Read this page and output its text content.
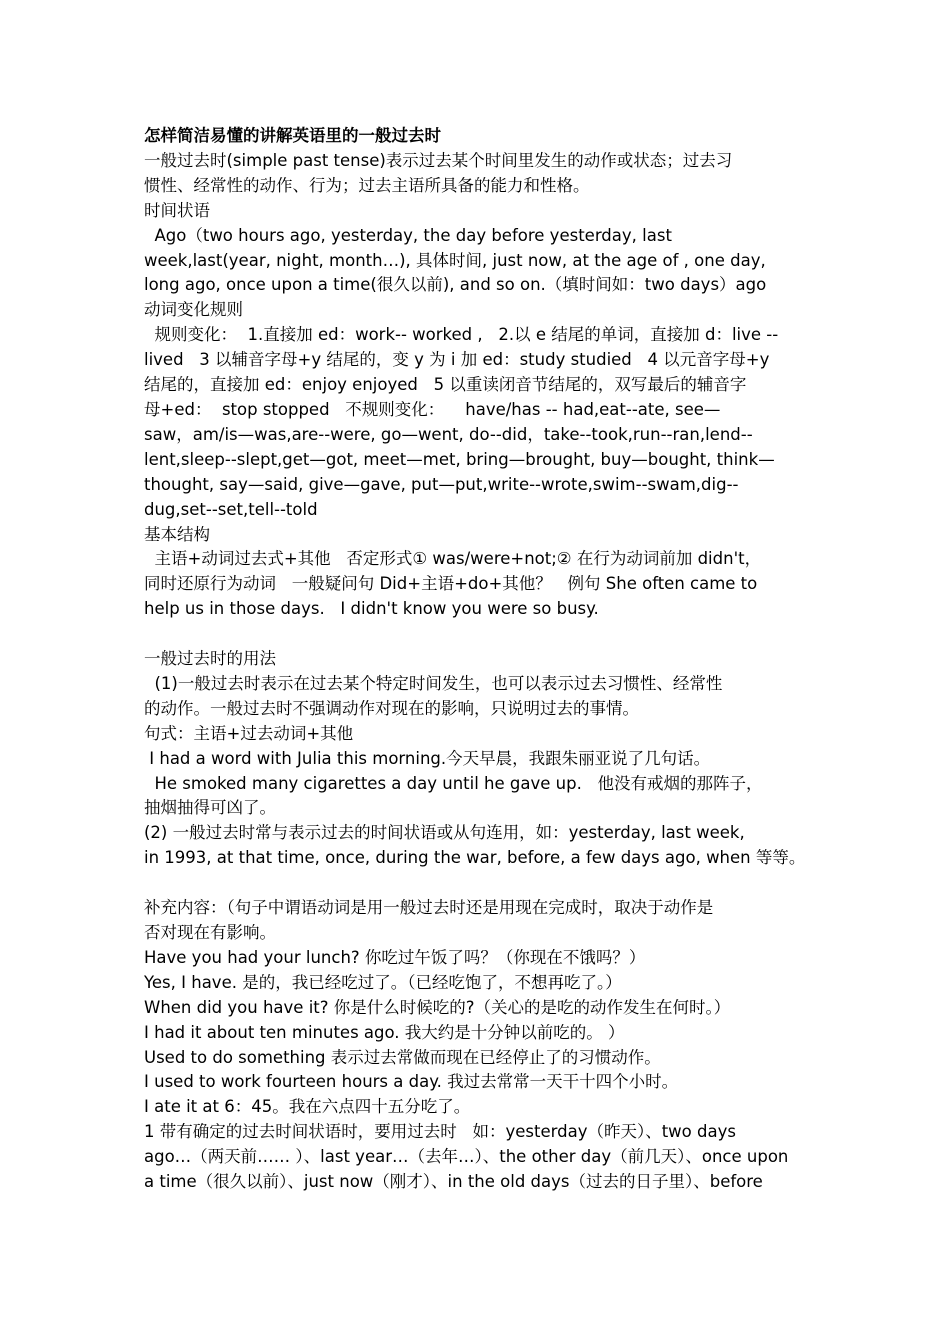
怎样简洁易懂的讲解英语里的一般过去时
一般过去时(simple past tense)表示过去某个时间里发生的动作或状态；过去习
惯性、经常性的动作、行为；过去主语所具备的能力和性格。
时间状语
Ago（two hours ago, yesterday, the day before yesterday, last
week,last(year, night, month…), 具体时间, just now, at the age of , one day,
long ago, once upon a time(很久以前), and so on.（填时间如：two days）ago
动词变化规则
规则变化：  1.直接加 ed：work-- worked ,   2.以 e 结尾的单词，直接加 d：live --
lived   3 以辅音字母+y 结尾的，变 y 为 i 加 ed：study studied   4 以元音字母+y
结尾的，直接加 ed：enjoy enjoyed   5 以重读闭音节结尾的，双写最后的辅音字
母+ed：  stop stopped   不规则变化：    have/has -- had,eat--ate, see—
saw，am/is—was,are--were, go—went, do--did，take--took,run--ran,lend--
lent,sleep--slept,get—got, meet—met, bring—brought, buy—bought, think—
thought, say—said, give—gave, put—put,write--wrote,swim--swam,dig--
dug,set--set,tell--told
基本结构
主语+动词过去式+其他   否定形式① was/were+not;② 在行为动词前加 didn't，
同时还原行为动词   一般疑问句 Did+主语+do+其他？   例句 She often came to
help us in those days.   I didn't know you were so busy.
一般过去时的用法
(1)一般过去时表示在过去某个特定时间发生，也可以表示过去习惯性、经常性
的动作。一般过去时不强调动作对现在的影响，只说明过去的事情。
句式：主语+过去动词+其他
I had a word with Julia this morning.今天早晨，我跟朱丽亚说了几句话。
He smoked many cigarettes a day until he gave up.   他没有戒烟的那阵子，
抽烟抽得可凶了。
(2) 一般过去时常与表示过去的时间状语或从句连用，如：yesterday, last week,
in 1993, at that time, once, during the war, before, a few days ago, when 等等。
补充内容：（句子中谓语动词是用一般过去时还是用现在完成时，取决于动作是
否对现在有影响。
Have you had your lunch? 你吃过午饭了吗？（你现在不饿吗？）
Yes, I have. 是的，我已经吃过了。（已经吃饱了，不想再吃了。）
When did you have it? 你是什么时候吃的?（关心的是吃的动作发生在何时。）
I had it about ten minutes ago. 我大约是十分钟以前吃的。 ）
Used to do something 表示过去常做而现在已经停止了的习惯动作。
I used to work fourteen hours a day. 我过去常常一天干十四个小时。
I ate it at 6：45。我在六点四十五分吃了。
1 带有确定的过去时间状语时，要用过去时   如：yesterday（昨天）、two days
ago…（两天前…… ）、last year…（去年…）、the other day（前几天）、once upon
a time（很久以前）、just now（刚才）、in the old days（过去的日子里）、before
